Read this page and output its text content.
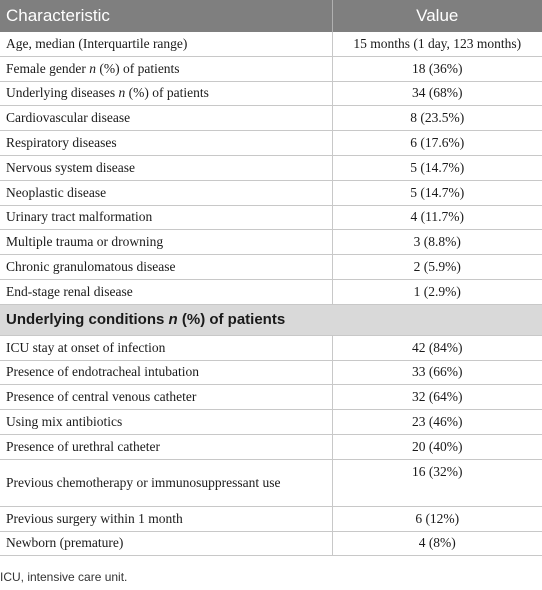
Characteristic	Value
Age, median (Interquartile range)	15 months (1 day, 123 months)
Female gender n (%) of patients	18 (36%)
Underlying diseases n (%) of patients	34 (68%)
Cardiovascular disease	8 (23.5%)
Respiratory diseases	6 (17.6%)
Nervous system disease	5 (14.7%)
Neoplastic disease	5 (14.7%)
Urinary tract malformation	4 (11.7%)
Multiple trauma or drowning	3 (8.8%)
Chronic granulomatous disease	2 (5.9%)
End-stage renal disease	1 (2.9%)
Underlying conditions n (%) of patients	
ICU stay at onset of infection	42 (84%)
Presence of endotracheal intubation	33 (66%)
Presence of central venous catheter	32 (64%)
Using mix antibiotics	23 (46%)
Presence of urethral catheter	20 (40%)
Previous chemotherapy or immunosuppressant use	16 (32%)
Previous surgery within 1 month	6 (12%)
Newborn (premature)	4 (8%)
ICU, intensive care unit.
